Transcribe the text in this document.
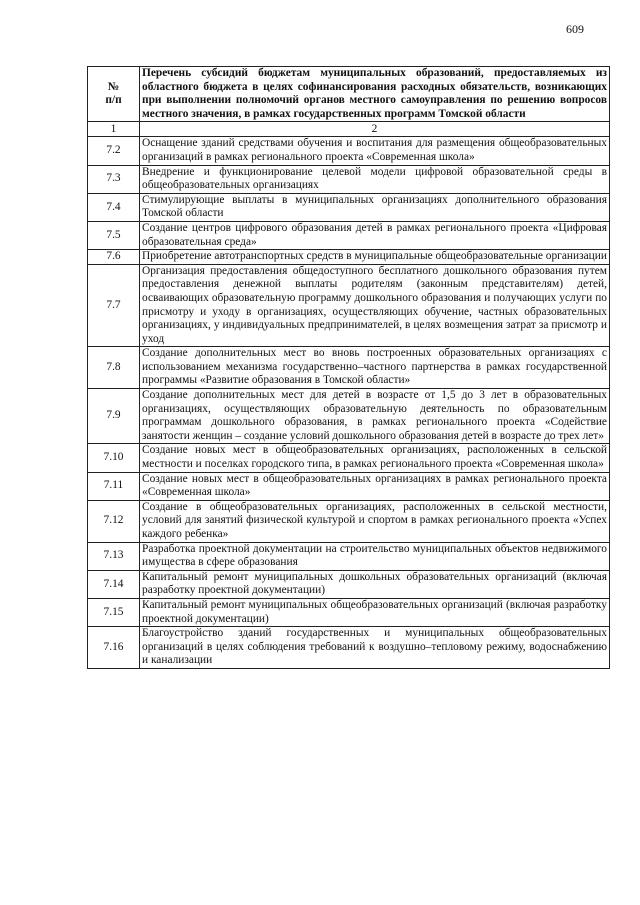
609
№
п/п	Перечень субсидий бюджетам муниципальных образований, предоставляемых из областного бюджета в целях софинансирования расходных обязательств, возникающих при выполнении полномочий органов местного самоуправления по решению вопросов местного значения, в рамках государственных программ Томской области
1	2
7.2	Оснащение зданий средствами обучения и воспитания для размещения общеобразовательных организаций в рамках регионального проекта «Современная школа»
7.3	Внедрение и функционирование целевой модели цифровой образовательной среды в общеобразовательных организациях
7.4	Стимулирующие выплаты в муниципальных организациях дополнительного образования Томской области
7.5	Создание центров цифрового образования детей в рамках регионального проекта «Цифровая образовательная среда»
7.6	Приобретение автотранспортных средств в муниципальные общеобразовательные организации
7.7	Организация предоставления общедоступного бесплатного дошкольного образования путем предоставления денежной выплаты родителям (законным представителям) детей, осваивающих образовательную программу дошкольного образования и получающих услуги по присмотру и уходу в организациях, осуществляющих обучение, частных образовательных организациях, у индивидуальных предпринимателей, в целях возмещения затрат за присмотр и уход
7.8	Создание дополнительных мест во вновь построенных образовательных организациях с использованием механизма государственно–частного партнерства в рамках государственной программы «Развитие образования в Томской области»
7.9	Создание дополнительных мест для детей в возрасте от 1,5 до 3 лет в образовательных организациях, осуществляющих образовательную деятельность по образовательным программам дошкольного образования, в рамках регионального проекта «Содействие занятости женщин – создание условий дошкольного образования детей в возрасте до трех лет»
7.10	Создание новых мест в общеобразовательных организациях, расположенных в сельской местности и поселках городского типа, в рамках регионального проекта «Современная школа»
7.11	Создание новых мест в общеобразовательных организациях в рамках регионального проекта «Современная школа»
7.12	Создание в общеобразовательных организациях, расположенных в сельской местности, условий для занятий физической культурой и спортом в рамках регионального проекта «Успех каждого ребенка»
7.13	Разработка проектной документации на строительство муниципальных объектов недвижимого имущества в сфере образования
7.14	Капитальный ремонт муниципальных дошкольных образовательных организаций (включая разработку проектной документации)
7.15	Капитальный ремонт муниципальных общеобразовательных организаций (включая разработку проектной документации)
7.16	Благоустройство зданий государственных и муниципальных общеобразовательных организаций в целях соблюдения требований к воздушно–тепловому режиму, водоснабжению и канализации
